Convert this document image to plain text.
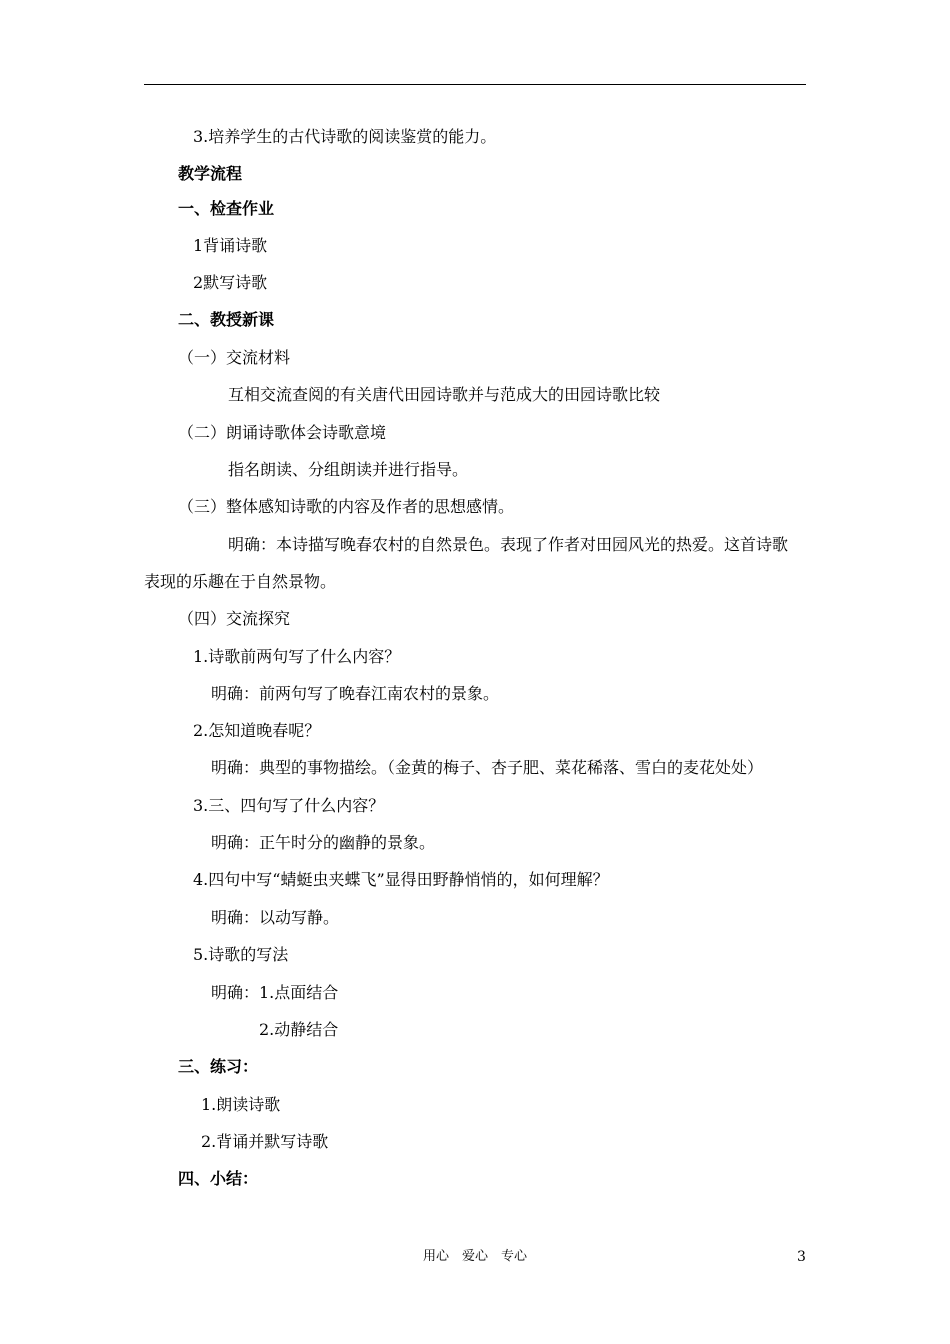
3.培养学生的古代诗歌的阅读鉴赏的能力。
教学流程
一、检查作业
1背诵诗歌
2默写诗歌
二、教授新课
（一）交流材料
互相交流查阅的有关唐代田园诗歌并与范成大的田园诗歌比较
（二）朗诵诗歌体会诗歌意境
指名朗读、分组朗读并进行指导。
（三）整体感知诗歌的内容及作者的思想感情。
明确：本诗描写晚春农村的自然景色。表现了作者对田园风光的热爱。这首诗歌
表现的乐趣在于自然景物。
（四）交流探究
1.诗歌前两句写了什么内容？
明确：前两句写了晚春江南农村的景象。
2.怎知道晚春呢？
明确：典型的事物描绘。（金黄的梅子、杏子肥、菜花稀落、雪白的麦花处处）
3.三、四句写了什么内容？
明确：正午时分的幽静的景象。
4.四句中写“蜻蜓虫夹蝶飞”显得田野静悄悄的，如何理解？
明确：以动写静。
5.诗歌的写法
明确：1.点面结合
2.动静结合
三、练习：
1.朗读诗歌
2.背诵并默写诗歌
四、小结：
用心　爱心　专心	3
